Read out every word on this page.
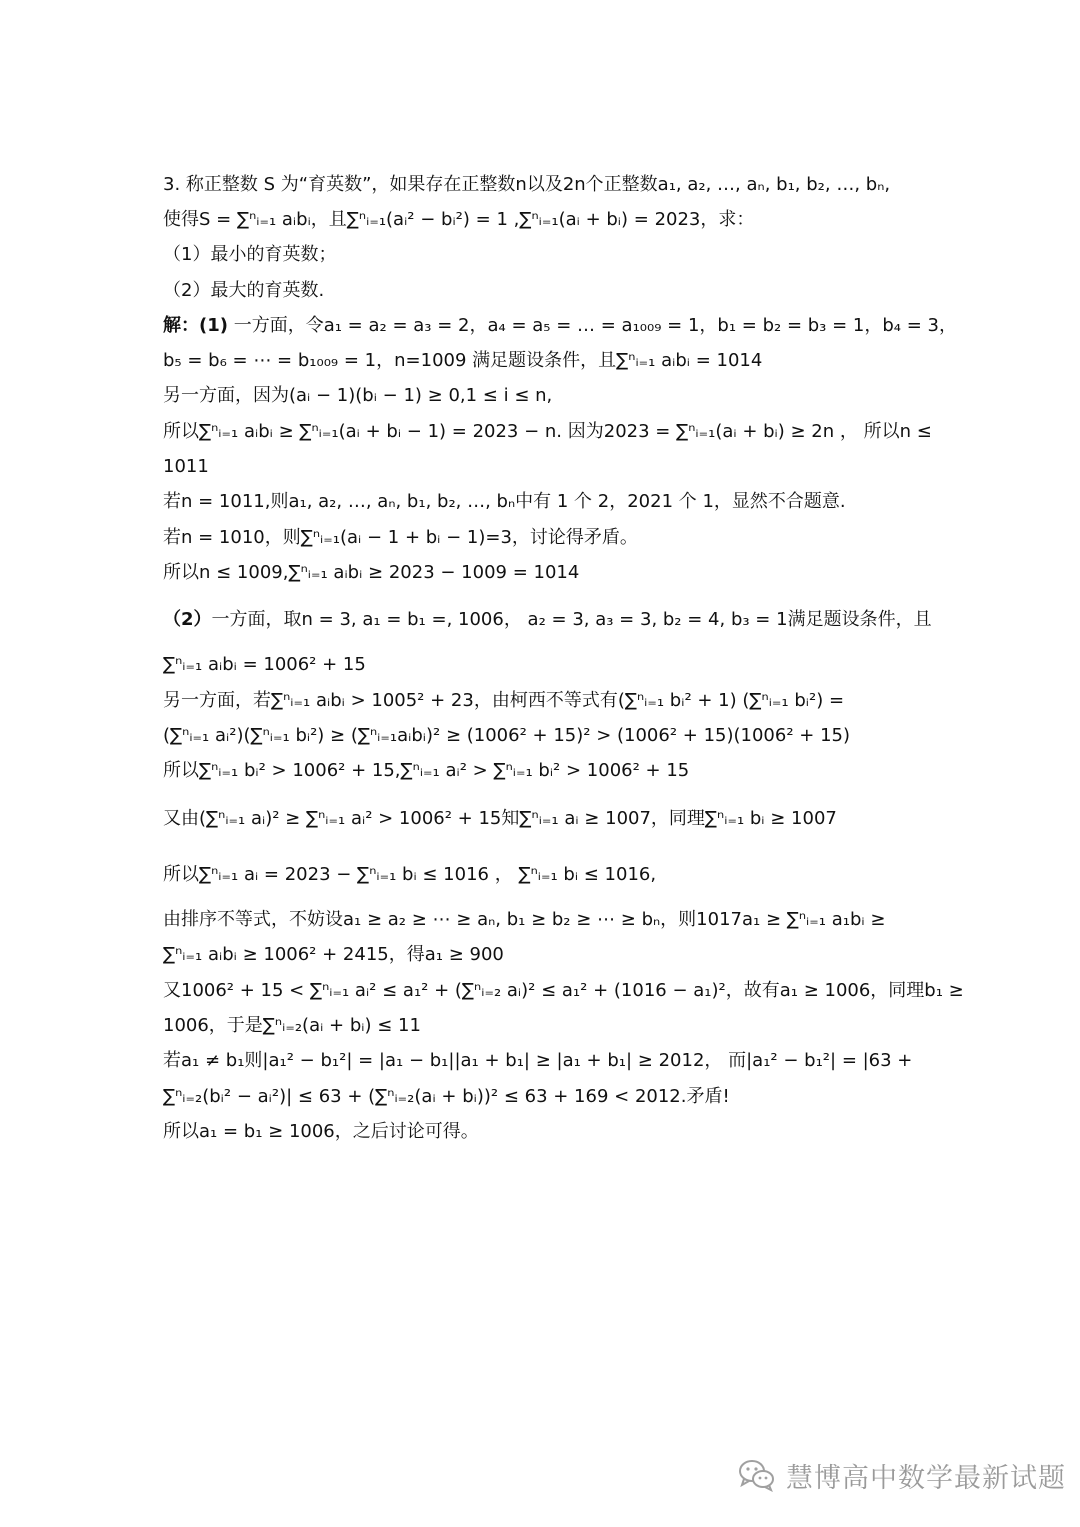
3. 称正整数 S 为“育英数”，如果存在正整数n以及2n个正整数a₁, a₂, …, aₙ, b₁, b₂, …, bₙ,
使得S = ∑ⁿᵢ₌₁ aᵢbᵢ，且∑ⁿᵢ₌₁(aᵢ² − bᵢ²) = 1 ,∑ⁿᵢ₌₁(aᵢ + bᵢ) = 2023，求：
（1）最小的育英数；
（2）最大的育英数.
解：(1) 一方面，令a₁ = a₂ = a₃ = 2，a₄ = a₅ = … = a₁₀₀₉ = 1，b₁ = b₂ = b₃ = 1，b₄ = 3，
b₅ = b₆ = ⋯ = b₁₀₀₉ = 1，n=1009 满足题设条件，且∑ⁿᵢ₌₁ aᵢbᵢ = 1014
另一方面，因为(aᵢ − 1)(bᵢ − 1) ≥ 0,1 ≤ i ≤ n,
所以∑ⁿᵢ₌₁ aᵢbᵢ ≥ ∑ⁿᵢ₌₁(aᵢ + bᵢ − 1) = 2023 − n. 因为2023 = ∑ⁿᵢ₌₁(aᵢ + bᵢ) ≥ 2n ， 所以n ≤
1011
若n = 1011,则a₁, a₂, …, aₙ, b₁, b₂, …, bₙ中有 1 个 2，2021 个 1，显然不合题意.
若n = 1010，则∑ⁿᵢ₌₁(aᵢ − 1 + bᵢ − 1)=3，讨论得矛盾。
所以n ≤ 1009,∑ⁿᵢ₌₁ aᵢbᵢ ≥ 2023 − 1009 = 1014
（2）一方面，取n = 3, a₁ = b₁ =, 1006， a₂ = 3, a₃ = 3, b₂ = 4, b₃ = 1满足题设条件，且
∑ⁿᵢ₌₁ aᵢbᵢ = 1006² + 15
另一方面，若∑ⁿᵢ₌₁ aᵢbᵢ > 1005² + 23，由柯西不等式有(∑ⁿᵢ₌₁ bᵢ² + 1) (∑ⁿᵢ₌₁ bᵢ²) =
(∑ⁿᵢ₌₁ aᵢ²)(∑ⁿᵢ₌₁ bᵢ²) ≥ (∑ⁿᵢ₌₁aᵢbᵢ)² ≥ (1006² + 15)² > (1006² + 15)(1006² + 15)
所以∑ⁿᵢ₌₁ bᵢ² > 1006² + 15,∑ⁿᵢ₌₁ aᵢ² > ∑ⁿᵢ₌₁ bᵢ² > 1006² + 15
又由(∑ⁿᵢ₌₁ aᵢ)² ≥ ∑ⁿᵢ₌₁ aᵢ² > 1006² + 15知∑ⁿᵢ₌₁ aᵢ ≥ 1007，同理∑ⁿᵢ₌₁ bᵢ ≥ 1007
所以∑ⁿᵢ₌₁ aᵢ = 2023 − ∑ⁿᵢ₌₁ bᵢ ≤ 1016 ， ∑ⁿᵢ₌₁ bᵢ ≤ 1016,
由排序不等式，不妨设a₁ ≥ a₂ ≥ ⋯ ≥ aₙ, b₁ ≥ b₂ ≥ ⋯ ≥ bₙ，则1017a₁ ≥ ∑ⁿᵢ₌₁ a₁bᵢ ≥
∑ⁿᵢ₌₁ aᵢbᵢ ≥ 1006² + 2415，得a₁ ≥ 900
又1006² + 15 < ∑ⁿᵢ₌₁ aᵢ² ≤ a₁² + (∑ⁿᵢ₌₂ aᵢ)² ≤ a₁² + (1016 − a₁)²，故有a₁ ≥ 1006，同理b₁ ≥
1006，于是∑ⁿᵢ₌₂(aᵢ + bᵢ) ≤ 11
若a₁ ≠ b₁则|a₁² − b₁²| = |a₁ − b₁||a₁ + b₁| ≥ |a₁ + b₁| ≥ 2012， 而|a₁² − b₁²| = |63 +
∑ⁿᵢ₌₂(bᵢ² − aᵢ²)| ≤ 63 + (∑ⁿᵢ₌₂(aᵢ + bᵢ))² ≤ 63 + 169 < 2012.矛盾!
所以a₁ = b₁ ≥ 1006，之后讨论可得。
慧博高中数学最新试题
